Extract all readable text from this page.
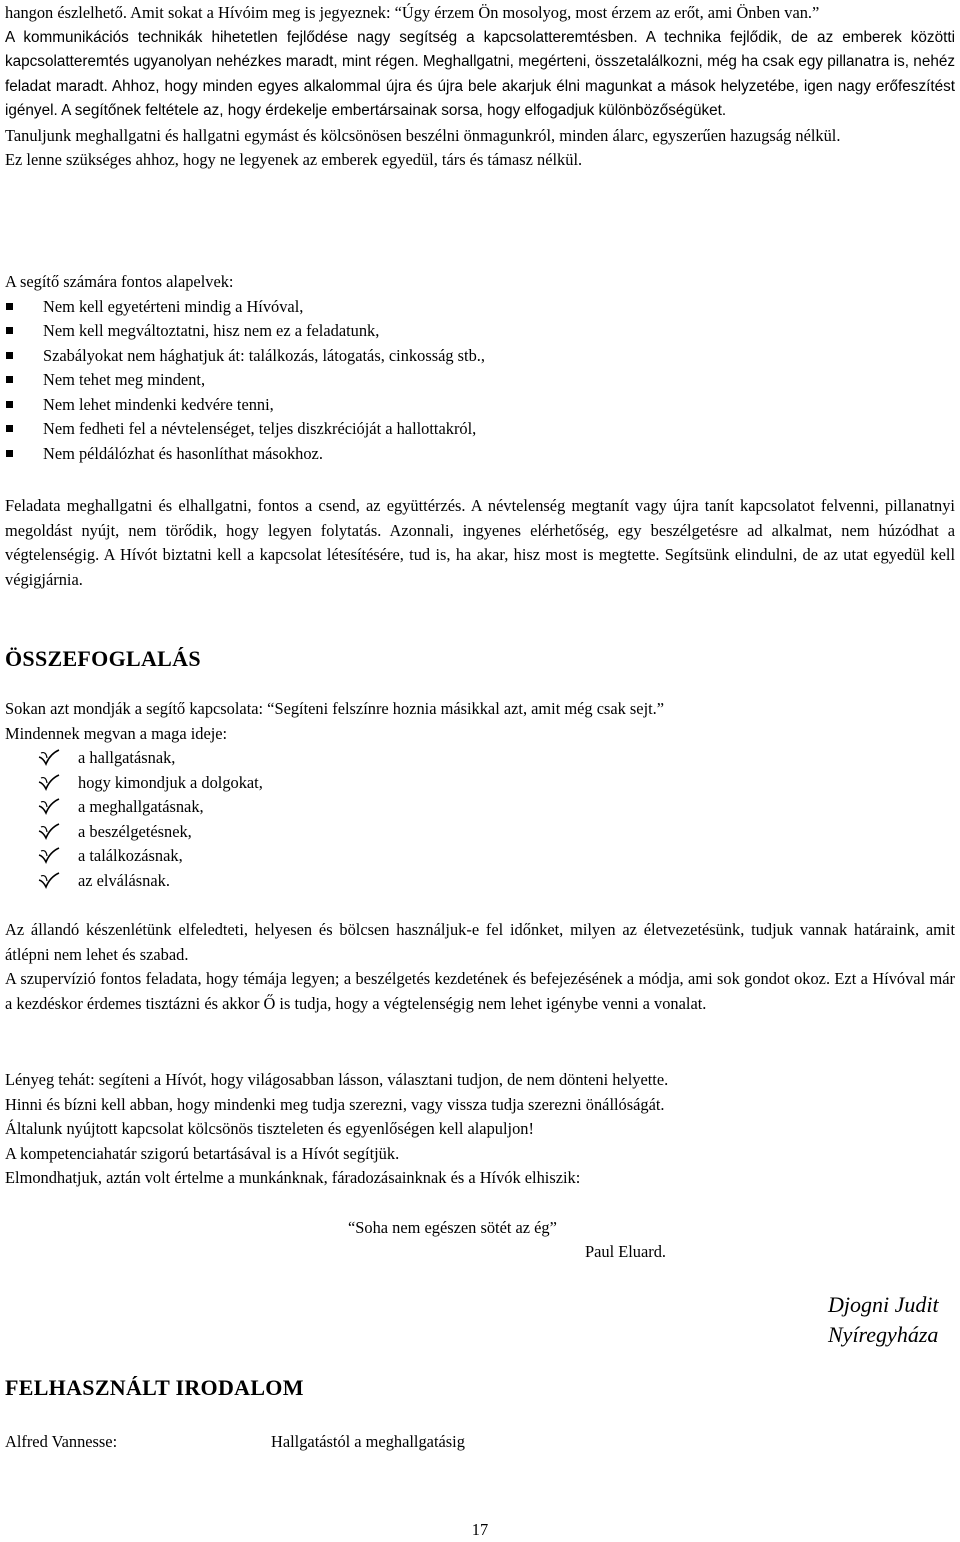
hangon észlelhető. Amit sokat a Hívóim meg is jegyeznek: “Úgy érzem Ön mosolyog, most érzem az erőt, ami Önben van.”

A kommunikációs technikák hihetetlen fejlődése nagy segítség a kapcsolatteremtésben. A technika fejlődik, de az emberek közötti kapcsolatteremtés ugyanolyan nehézkes maradt, mint régen. Meghallgatni, megérteni, összetalálkozni, még ha csak egy pillanatra is, nehéz feladat maradt. Ahhoz, hogy minden egyes alkalommal újra és újra bele akarjuk élni magunkat a mások helyzetébe, igen nagy erőfeszítést igényel. A segítőnek feltétele az, hogy érdekelje embertársainak sorsa, hogy elfogadjuk különbözőségüket.

Tanuljunk meghallgatni és hallgatni egymást és kölcsönösen beszélni önmagunkról, minden álarc, egyszerűen hazugság nélkül.

Ez lenne szükséges ahhoz, hogy ne legyenek az emberek egyedül, társ és támasz nélkül.

A segítő számára fontos alapelvek:

Nem kell egyetérteni mindig a Hívóval,
Nem kell megváltoztatni, hisz nem ez a feladatunk,
Szabályokat nem hághatjuk át: találkozás, látogatás, cinkosság stb.,
Nem tehet meg mindent,
Nem lehet mindenki kedvére tenni,
Nem fedheti fel a névtelenséget, teljes diszkrécióját a hallottakról,
Nem példálózhat és hasonlíthat másokhoz.

Feladata meghallgatni és elhallgatni, fontos a csend, az együttérzés. A névtelenség megtanít vagy újra tanít kapcsolatot felvenni, pillanatnyi megoldást nyújt, nem törődik, hogy legyen folytatás. Azonnali, ingyenes elérhetőség, egy beszélgetésre ad alkalmat, nem húzódhat a végtelenségig. A Hívót biztatni kell a kapcsolat létesítésére, tud is, ha akar, hisz most is megtette. Segítsünk elindulni, de az utat egyedül kell végigjárnia.

ÖSSZEFOGLALÁS

Sokan azt mondják a segítő kapcsolata: “Segíteni felszínre hoznia másikkal azt, amit még csak sejt.”

Mindennek megvan a maga ideje:

a hallgatásnak,
hogy kimondjuk a dolgokat,
a meghallgatásnak,
a beszélgetésnek,
a találkozásnak,
az elválásnak.

Az állandó készenlétünk elfeledteti, helyesen és bölcsen használjuk-e fel időnket, milyen az életvezetésünk, tudjuk vannak határaink, amit átlépni nem lehet és szabad.

A szupervízió fontos feladata, hogy témája legyen; a beszélgetés kezdetének és befejezésének a módja, ami sok gondot okoz. Ezt a Hívóval már a kezdéskor érdemes tisztázni és akkor Ő is tudja, hogy a végtelenségig nem lehet igénybe venni a vonalat.

Lényeg tehát: segíteni a Hívót, hogy világosabban lásson, választani tudjon, de nem dönteni helyette.

Hinni és bízni kell abban, hogy mindenki meg tudja szerezni, vagy vissza tudja szerezni önállóságát.

Általunk nyújtott kapcsolat kölcsönös tiszteleten és egyenlőségen kell alapuljon!

A kompetenciahatár szigorú betartásával is a Hívót segítjük.

Elmondhatjuk, aztán volt értelme a munkánknak, fáradozásainknak és a Hívók elhiszik:

“Soha nem egészen sötét az ég”

Paul Eluard.

Djogni Judit
Nyíregyháza
FELHASZNÁLT IRODALOM
Alfred Vannesse:	Hallgatástól a meghallgatásig
17
